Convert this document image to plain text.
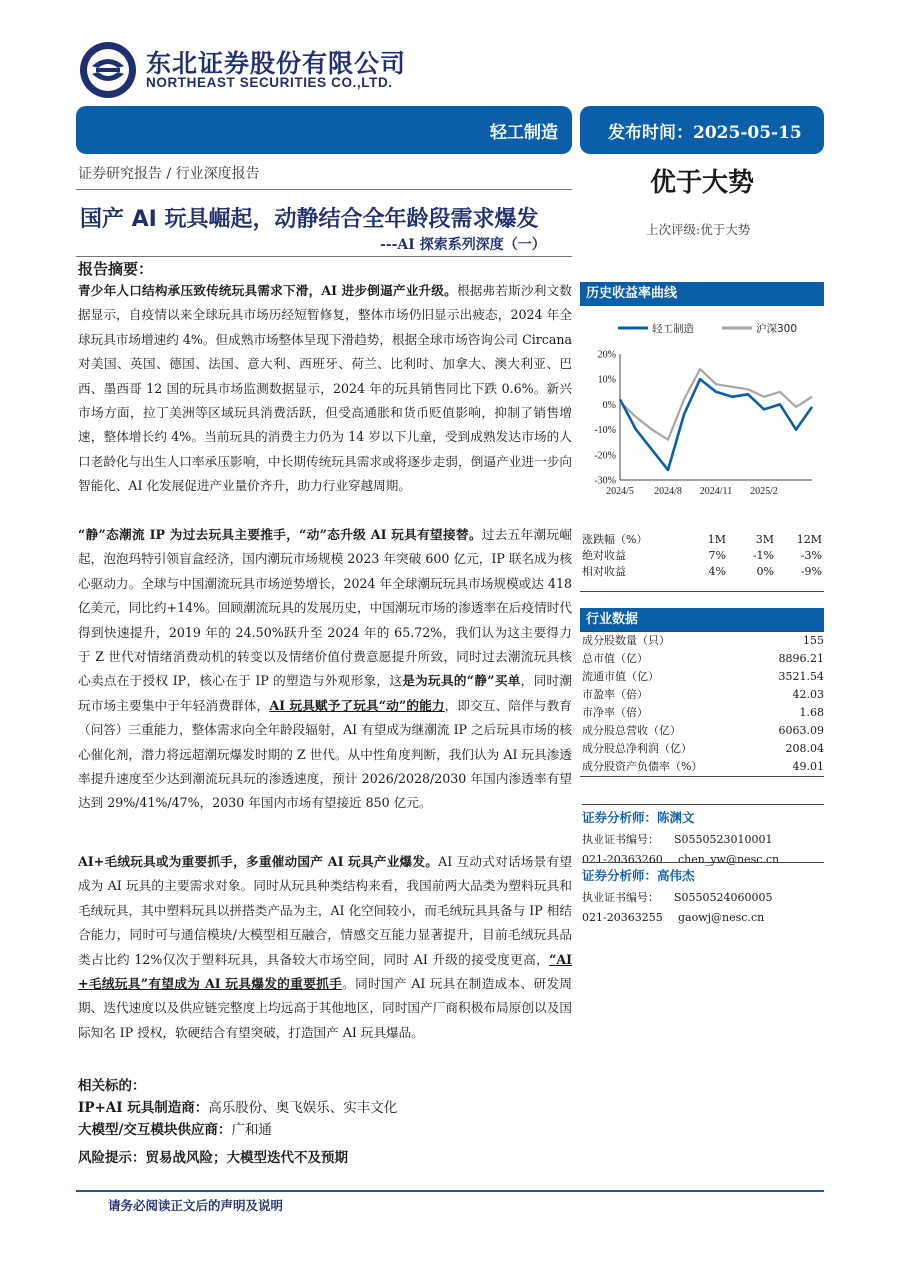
东北证券股份有限公司
NORTHEAST SECURITIES CO.,LTD.
轻工制造	发布时间：2025-05-15
证券研究报告 / 行业深度报告	优于大势
上次评级:优于大势
国产 AI 玩具崛起，动静结合全年龄段需求爆发
---AI 探索系列深度（一）
报告摘要：
青少年人口结构承压致传统玩具需求下滑，AI 进步倒逼产业升级。根据弗若斯沙利文数据显示，自疫情以来全球玩具市场历经短暂修复，整体市场仍旧显示出疲态，2024 年全球玩具市场增速约 4%。但成熟市场整体呈现下滑趋势，根据全球市场咨询公司 Circana 对美国、英国、德国、法国、意大利、西班牙、荷兰、比利时、加拿大、澳大利亚、巴西、墨西哥 12 国的玩具市场监测数据显示，2024 年的玩具销售同比下跌 0.6%。新兴市场方面，拉丁美洲等区域玩具消费活跃，但受高通胀和货币贬值影响，抑制了销售增速，整体增长约 4%。当前玩具的消费主力仍为 14 岁以下儿童，受到成熟发达市场的人口老龄化与出生人口率承压影响，中长期传统玩具需求或将逐步走弱，倒逼产业进一步向智能化、AI 化发展促进产业量价齐升，助力行业穿越周期。
“静”态潮流 IP 为过去玩具主要推手，“动”态升级 AI 玩具有望接替。过去五年潮玩崛起，泡泡玛特引领盲盒经济，国内潮玩市场规模 2023 年突破 600 亿元，IP 联名成为核心驱动力。全球与中国潮流玩具市场逆势增长，2024 年全球潮玩玩具市场规模或达 418 亿美元，同比约+14%。回顾潮流玩具的发展历史，中国潮玩市场的渗透率在后疫情时代得到快速提升，2019 年的 24.50%跃升至 2024 年的 65.72%，我们认为这主要得力于 Z 世代对情绪消费动机的转变以及情绪价值付费意愿提升所致，同时过去潮流玩具核心卖点在于授权 IP，核心在于 IP 的塑造与外观形象，这是为玩具的“静”买单，同时潮玩市场主要集中于年轻消费群体，AI 玩具赋予了玩具“动”的能力，即交互、陪伴与教育（问答）三重能力，整体需求向全年龄段辐射，AI 有望成为继潮流 IP 之后玩具市场的核心催化剂，潜力将远超潮玩爆发时期的 Z 世代。从中性角度判断，我们认为 AI 玩具渗透率提升速度至少达到潮流玩具玩的渗透速度，预计 2026/2028/2030 年国内渗透率有望达到 29%/41%/47%，2030 年国内市场有望接近 850 亿元。
AI+毛绒玩具或为重要抓手，多重催动国产 AI 玩具产业爆发。AI 互动式对话场景有望成为 AI 玩具的主要需求对象。同时从玩具种类结构来看，我国前两大品类为塑料玩具和毛绒玩具，其中塑料玩具以拼搭类产品为主，AI 化空间较小，而毛绒玩具具备与 IP 相结合能力，同时可与通信模块/大模型相互融合，情感交互能力显著提升，目前毛绒玩具品类占比约 12%仅次于塑料玩具，具备较大市场空间，同时 AI 升级的接受度更高，“AI+毛绒玩具”有望成为 AI 玩具爆发的重要抓手。同时国产 AI 玩具在制造成本、研发周期、迭代速度以及供应链完整度上均远高于其他地区，同时国产厂商积极布局原创以及国际知名 IP 授权，软硬结合有望突破，打造国产 AI 玩具爆品。
相关标的：
IP+AI 玩具制造商：高乐股份、奥飞娱乐、实丰文化
大模型/交互模块供应商：广和通
风险提示：贸易战风险；大模型迭代不及预期
历史收益率曲线
20%
10%
0%
-10%
-20%
-30%
2024/5 2024/8 2024/11 2025/2
轻工制造	沪深300
涨跌幅（%）	1M	3M	12M
绝对收益	7%	-1%	-3%
相对收益	4%	0%	-9%
行业数据
成分股数量（只）	155
总市值（亿）	8896.21
流通市值（亿）	3521.54
市盈率（倍）	42.03
市净率（倍）	1.68
成分股总营收（亿）	6063.09
成分股总净利润（亿）	208.04
成分股资产负债率（%）	49.01
证券分析师：陈渊文
执业证书编号： S0550523010001
021-20363260 chen_yw@nesc.cn
证券分析师：高伟杰
执业证书编号： S0550524060005
021-20363255 gaowj@nesc.cn
请务必阅读正文后的声明及说明
